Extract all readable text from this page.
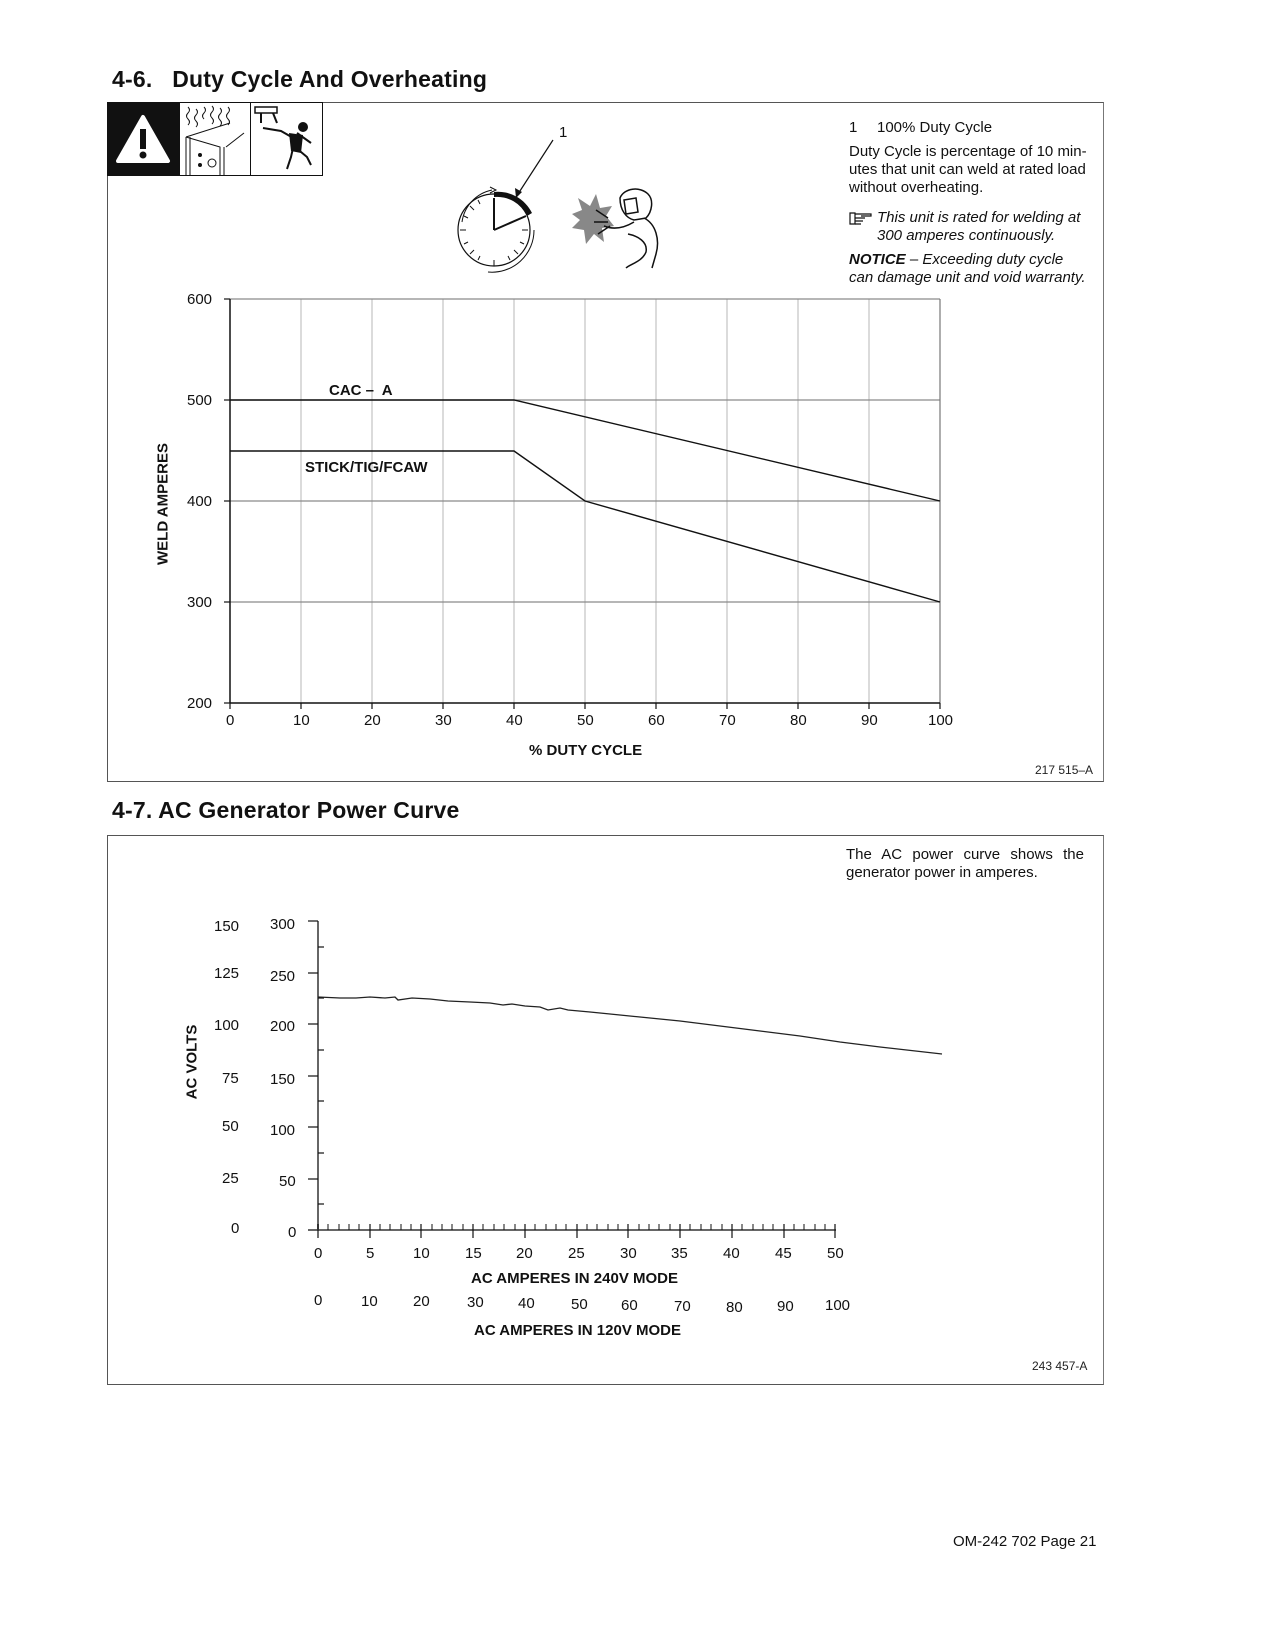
4-6.   Duty Cycle And Overheating
1	1 100% Duty Cycle
Duty Cycle is percentage of 10 min-
utes that unit can weld at rated load
without overheating.
This unit is rated for welding at
300 amperes continuously.
NOTICE – Exceeding duty cycle
can damage unit and void warranty.
600
500
400
300
200
0	10	20	30	40	50	60	70	80	90	100
CAC –  A
STICK/TIG/FCAW
% DUTY CYCLE
WELD AMPERES
217 515–A
4-7. AC Generator Power Curve
The AC power curve shows the
generator power in amperes.
150
125
100
75
50
25
0
300
250
200
150
100
50
0
0	5	10 15 20 25 30 35 40 45 50
AC AMPERES IN 240V MODE
0	10 20 30 40 50 60 70 80 90 100
AC AMPERES IN 120V MODE
AC VOLTS
243 457-A
OM-242 702 Page 21
